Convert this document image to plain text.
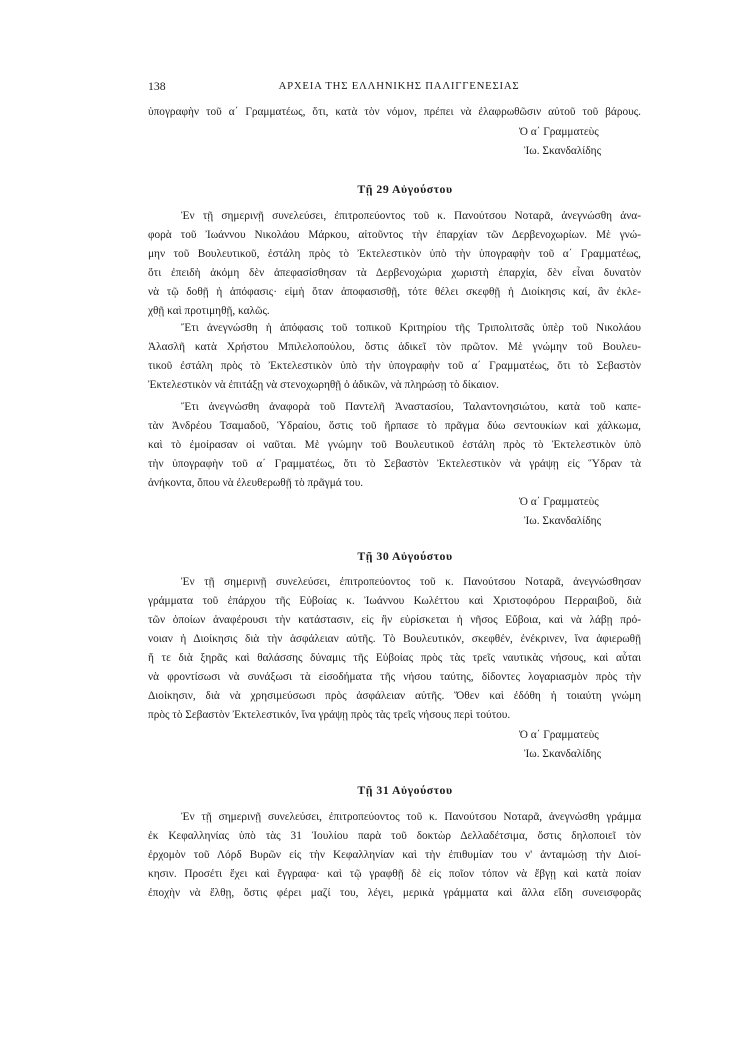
138	ΑΡΧΕΙΑ ΤΗΣ ΕΛΛΗΝΙΚΗΣ ΠΑΛΙΓΓΕΝΕΣΙΑΣ
ὑπογραφὴν τοῦ α΄ Γραμματέως, ὅτι, κατὰ τὸν νόμον, πρέπει νὰ ἐλαφρωθῶσιν αὐτοῦ τοῦ βάρους.
Ὁ α΄ Γραμματεὺς
Ἰω. Σκανδαλίδης
Τῇ 29 Αὐγούστου
Ἐν τῇ σημερινῇ συνελεύσει, ἐπιτροπεύοντος τοῦ κ. Πανούτσου Νοταρᾶ, ἀνεγνώσθη ἀνα-
φορὰ τοῦ Ἰωάννου Νικολάου Μάρκου, αἰτοῦντος τὴν ἐπαρχίαν τῶν Δερβενοχωρίων. Μὲ γνώ-
μην τοῦ Βουλευτικοῦ, ἐστάλη πρὸς τὸ Ἐκτελεστικὸν ὑπὸ τὴν ὑπογραφὴν τοῦ α΄ Γραμματέως,
ὅτι ἐπειδὴ ἀκόμη δὲν ἀπεφασίσθησαν τὰ Δερβενοχώρια χωριστὴ ἐπαρχία, δὲν εἶναι δυνατὸν
νὰ τῷ δοθῇ ἡ ἀπόφασις· εἰμὴ ὅταν ἀποφασισθῇ, τότε θέλει σκεφθῇ ἡ Διοίκησις καί, ἂν ἐκλε-
χθῇ καὶ προτιμηθῇ, καλῶς.
Ἔτι ἀνεγνώσθη ἡ ἀπόφασις τοῦ τοπικοῦ Κριτηρίου τῆς Τριπολιτσᾶς ὑπὲρ τοῦ Νικολάου
Ἀλασλῆ κατὰ Χρήστου Μπιλελοπούλου, ὅστις ἀδικεῖ τὸν πρῶτον. Μὲ γνώμην τοῦ Βουλευ-
τικοῦ ἐστάλη πρὸς τὸ Ἐκτελεστικὸν ὑπὸ τὴν ὑπογραφὴν τοῦ α΄ Γραμματέως, ὅτι τὸ Σεβαστὸν
Ἐκτελεστικὸν νὰ ἐπιτάξῃ νὰ στενοχωρηθῇ ὁ ἀδικῶν, νὰ πληρώσῃ τὸ δίκαιον.
Ἔτι ἀνεγνώσθη ἀναφορὰ τοῦ Παντελῆ Ἀναστασίου, Ταλαντονησιώτου, κατὰ τοῦ καπε-
τὰν Ἀνδρέου Τσαμαδοῦ, Ὑδραίου, ὅστις τοῦ ἥρπασε τὸ πρᾶγμα δύω σεντουκίων καὶ χάλκωμα,
καὶ τὸ ἐμοίρασαν οἱ ναῦται. Μὲ γνώμην τοῦ Βουλευτικοῦ ἐστάλη πρὸς τὸ Ἐκτελεστικὸν ὑπὸ
τὴν ὑπογραφὴν τοῦ α΄ Γραμματέως, ὅτι τὸ Σεβαστὸν Ἐκτελεστικὸν νὰ γράψῃ εἰς Ὕδραν τὰ
ἀνήκοντα, ὅπου νὰ ἐλευθερωθῇ τὸ πρᾶγμά του.
Ὁ α΄ Γραμματεὺς
Ἰω. Σκανδαλίδης
Τῇ 30 Αὐγούστου
Ἐν τῇ σημερινῇ συνελεύσει, ἐπιτροπεύοντος τοῦ κ. Πανούτσου Νοταρᾶ, ἀνεγνώσθησαν
γράμματα τοῦ ἐπάρχου τῆς Εὐβοίας κ. Ἰωάννου Κωλέττου καὶ Χριστοφόρου Περραιβοῦ, διὰ
τῶν ὁποίων ἀναφέρουσι τὴν κατάστασιν, εἰς ἣν εὑρίσκεται ἡ νῆσος Εὔβοια, καὶ νὰ λάβῃ πρό-
νοιαν ἡ Διοίκησις διὰ τὴν ἀσφάλειαν αὐτῆς. Τὸ Βουλευτικόν, σκεφθέν, ἐνέκρινεν, ἵνα ἀφιερωθῇ
ἥ τε διὰ ξηρᾶς καὶ θαλάσσης δύναμις τῆς Εὐβοίας πρὸς τὰς τρεῖς ναυτικὰς νήσους, καὶ αὗται
νὰ φροντίσωσι νὰ συνάξωσι τὰ εἰσοδήματα τῆς νήσου ταύτης, δίδοντες λογαριασμὸν πρὸς τὴν
Διοίκησιν, διὰ νὰ χρησιμεύσωσι πρὸς ἀσφάλειαν αὐτῆς. Ὅθεν καὶ ἐδόθη ἡ τοιαύτη γνώμη
πρὸς τὸ Σεβαστὸν Ἐκτελεστικόν, ἵνα γράψῃ πρὸς τὰς τρεῖς νήσους περὶ τούτου.
Ὁ α΄ Γραμματεὺς
Ἰω. Σκανδαλίδης
Τῇ 31 Αὐγούστου
Ἐν τῇ σημερινῇ συνελεύσει, ἐπιτροπεύοντος τοῦ κ. Πανούτσου Νοταρᾶ, ἀνεγνώσθη γράμμα
ἐκ Κεφαλληνίας ὑπὸ τὰς 31 Ἰουλίου παρὰ τοῦ δοκτὼρ Δελλαδέτσιμα, ὅστις δηλοποιεῖ τὸν
ἐρχομὸν τοῦ Λόρδ Βυρῶν εἰς τὴν Κεφαλληνίαν καὶ τὴν ἐπιθυμίαν του ν' ἀνταμώσῃ τὴν Διοί-
κησιν. Προσέτι ἔχει καὶ ἔγγραφα· καὶ τῷ γραφθῇ δὲ εἰς ποῖον τόπον νὰ ἔβγῃ καὶ κατὰ ποίαν
ἐποχὴν νὰ ἔλθῃ, ὅστις φέρει μαζί του, λέγει, μερικὰ γράμματα καὶ ἄλλα εἴδη συνεισφορᾶς
